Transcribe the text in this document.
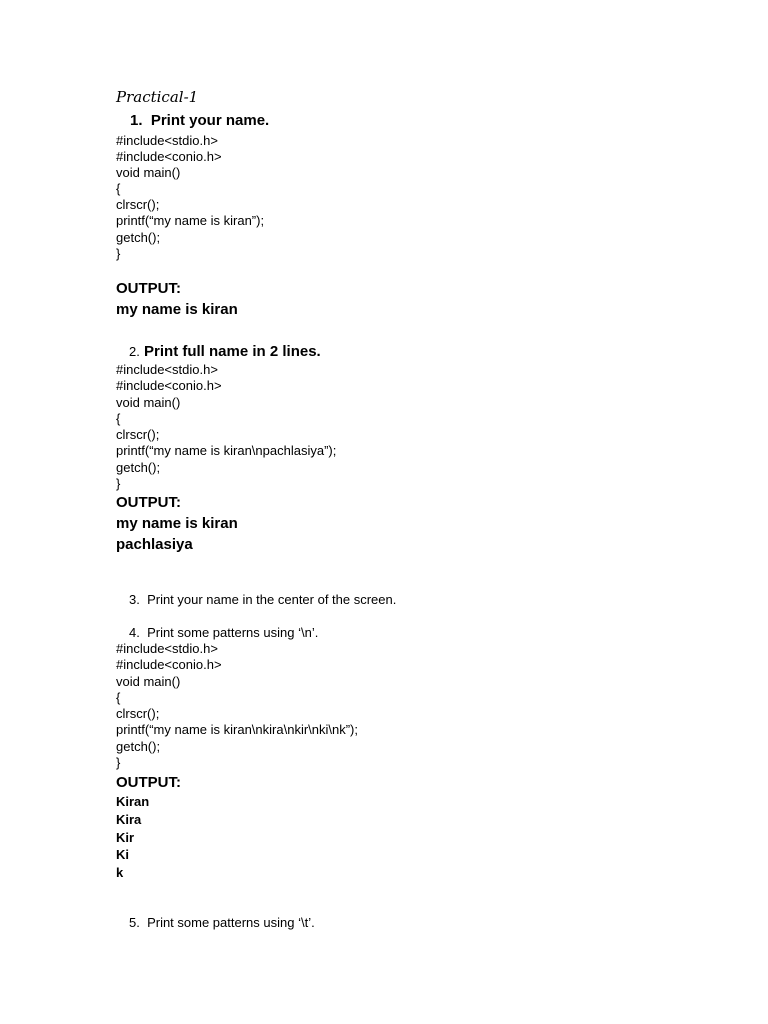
Practical-1
1.  Print your name.
#include<stdio.h>
#include<conio.h>
void main()
{
clrscr();
printf(“my name is kiran”);
getch();
}
OUTPUT:
my name is kiran
2. Print full name in 2 lines.
#include<stdio.h>
#include<conio.h>
void main()
{
clrscr();
printf(“my name is kiran\npachlasiya”);
getch();
}
OUTPUT:
my name is kiran
pachlasiya
3.  Print your name in the center of the screen.
4.  Print some patterns using ‘\n’.
#include<stdio.h>
#include<conio.h>
void main()
{
clrscr();
printf(“my name is kiran\nkira\nkir\nki\nk”);
getch();
}
OUTPUT:
Kiran
Kira
Kir
Ki
k
5.  Print some patterns using ‘\t’.
